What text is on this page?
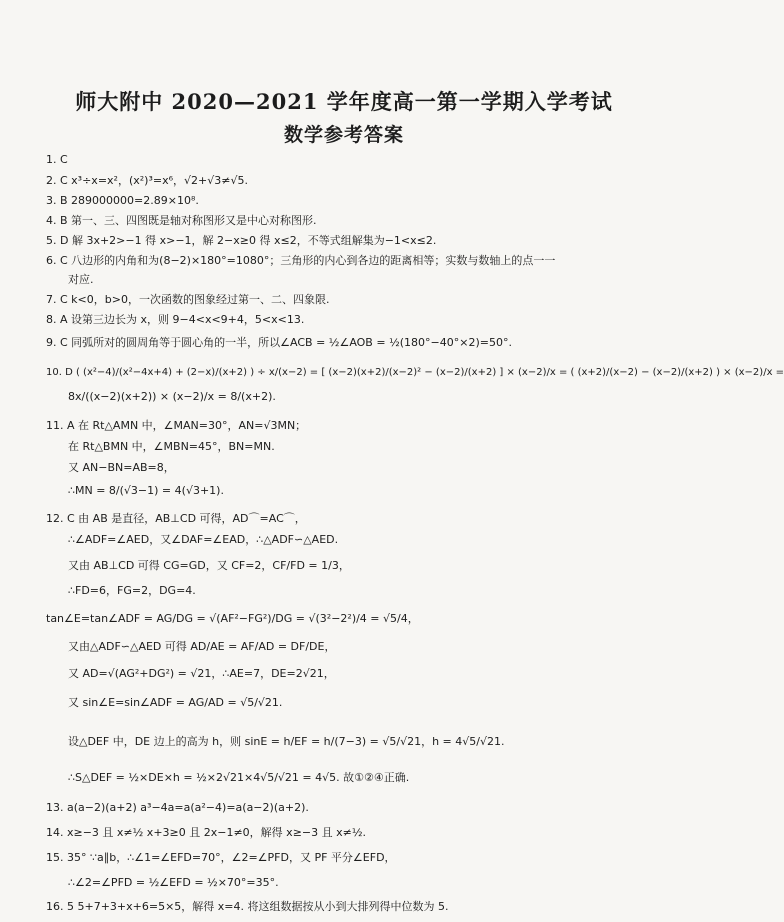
师大附中 2020—2021 学年度高一第一学期入学考试
数学参考答案
1. C
2. C x³÷x=x²，(x²)³=x⁶，√2+√3≠√5.
3. B 289000000=2.89×10⁸.
4. B 第一、三、四图既是轴对称图形又是中心对称图形.
5. D 解 3x+2>−1 得 x>−1，解 2−x≥0 得 x≤2，不等式组解集为−1<x≤2.
6. C 八边形的内角和为(8−2)×180°=1080°；三角形的内心到各边的距离相等；实数与数轴上的点一一
对应.
7. C k<0，b>0，一次函数的图象经过第一、二、四象限.
8. A 设第三边长为 x，则 9−4<x<9+4，5<x<13.
9. C 同弧所对的圆周角等于圆心角的一半，所以∠ACB = ½∠AOB = ½(180°−40°×2)=50°.
10. D ( (x²−4)/(x²−4x+4) + (2−x)/(x+2) ) ÷ x/(x−2) = [ (x−2)(x+2)/(x−2)² − (x−2)/(x+2) ] × (x−2)/x = ( (x+2)/(x−2) − (x−2)/(x+2) ) × (x−2)/x =
8x/((x−2)(x+2)) × (x−2)/x = 8/(x+2).
11. A 在 Rt△AMN 中，∠MAN=30°，AN=√3MN；
在 Rt△BMN 中，∠MBN=45°，BN=MN.
又 AN−BN=AB=8，
∴MN = 8/(√3−1) = 4(√3+1).
12. C 由 AB 是直径，AB⊥CD 可得，AD⌒=AC⌒，
∴∠ADF=∠AED，又∠DAF=∠EAD，∴△ADF∽△AED.
又由 AB⊥CD 可得 CG=GD，又 CF=2，CF/FD = 1/3，
∴FD=6，FG=2，DG=4.
tan∠E=tan∠ADF = AG/DG = √(AF²−FG²)/DG = √(3²−2²)/4 = √5/4，
又由△ADF∽△AED 可得 AD/AE = AF/AD = DF/DE，
又 AD=√(AG²+DG²) = √21，∴AE=7，DE=2√21，
又 sin∠E=sin∠ADF = AG/AD = √5/√21.
设△DEF 中，DE 边上的高为 h，则 sinE = h/EF = h/(7−3) = √5/√21，h = 4√5/√21.
∴S△DEF = ½×DE×h = ½×2√21×4√5/√21 = 4√5. 故①②④正确.
13. a(a−2)(a+2) a³−4a=a(a²−4)=a(a−2)(a+2).
14. x≥−3 且 x≠½ x+3≥0 且 2x−1≠0，解得 x≥−3 且 x≠½.
15. 35° ∵a∥b，∴∠1=∠EFD=70°，∠2=∠PFD，又 PF 平分∠EFD，
∴∠2=∠PFD = ½∠EFD = ½×70°=35°.
16. 5 5+7+3+x+6=5×5，解得 x=4. 将这组数据按从小到大排列得中位数为 5.
